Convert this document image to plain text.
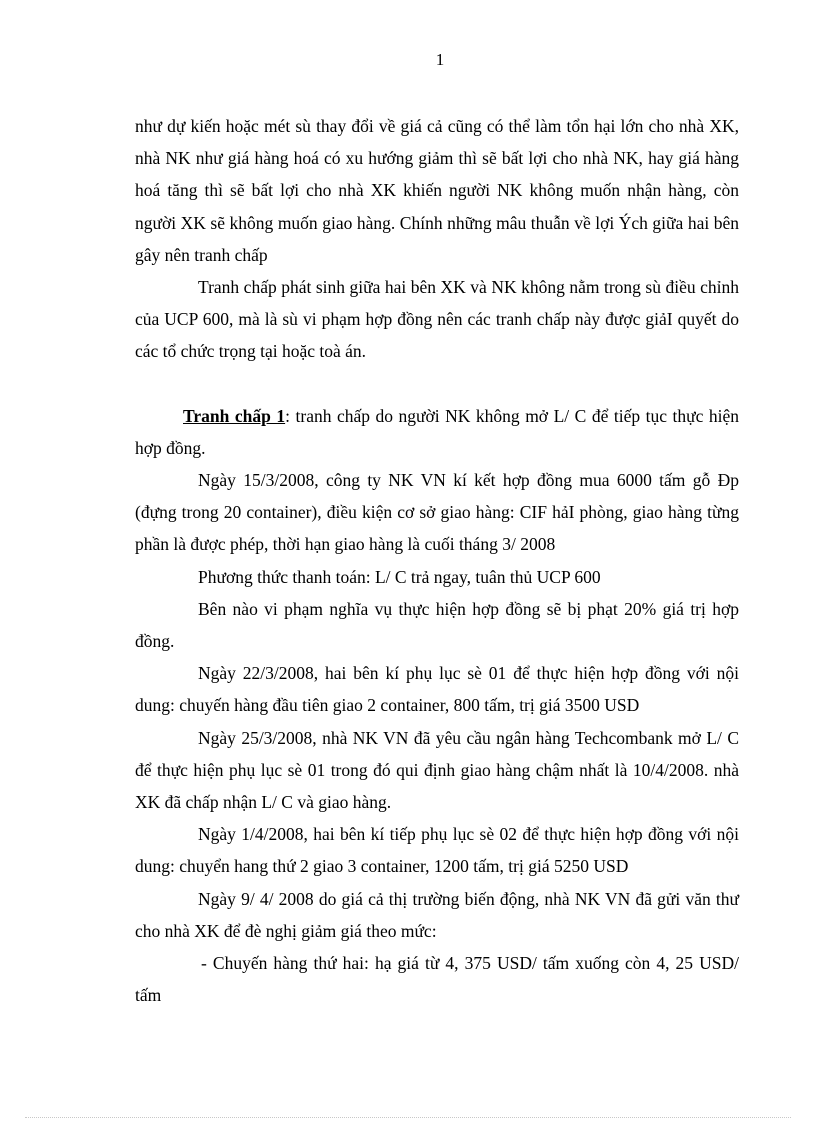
1

như dự kiến hoặc mét sù thay đổi về giá cả cũng có thể làm tổn hại lớn cho nhà XK, nhà NK như giá hàng hoá có xu hướng giảm thì sẽ bất lợi cho nhà NK, hay giá hàng hoá tăng thì sẽ bất lợi cho nhà XK khiến người NK không muốn nhận hàng, còn người XK sẽ không muốn giao hàng. Chính những mâu thuẫn về lợi Ých giữa hai bên gây nên tranh chấp

Tranh chấp phát sinh giữa hai bên XK và NK không nằm trong sù điều chỉnh của UCP 600, mà là sù vi phạm hợp đồng nên các tranh chấp này được giảI quyết do các tổ chức trọng tại hoặc toà án.

Tranh chấp 1: tranh chấp do người NK không mở L/ C để tiếp tục thực hiện hợp đồng.

Ngày 15/3/2008, công ty NK VN kí kết hợp đồng mua 6000 tấm gỗ Đp (đựng trong 20 container), điều kiện cơ sở giao hàng: CIF hảI phòng, giao hàng từng phần là được phép, thời hạn giao hàng là cuối tháng 3/ 2008

Phương thức thanh toán: L/ C trả ngay, tuân thủ UCP 600

Bên nào vi phạm nghĩa vụ thực hiện hợp đồng sẽ bị phạt 20% giá trị hợp đồng.

Ngày 22/3/2008, hai bên kí phụ lục sè 01 để thực hiện hợp đồng với nội dung: chuyến hàng đầu tiên giao 2 container, 800 tấm, trị giá 3500 USD

Ngày 25/3/2008, nhà NK VN đã yêu cầu ngân hàng Techcombank mở L/ C để thực hiện phụ lục sè 01 trong đó qui định giao hàng chậm nhất là 10/4/2008. nhà XK đã chấp nhận L/ C và giao hàng.

Ngày 1/4/2008, hai bên kí tiếp phụ lục sè 02 để thực hiện hợp đồng với nội dung: chuyển hang thứ 2 giao 3 container, 1200 tấm, trị giá 5250 USD

Ngày 9/ 4/ 2008 do giá cả thị trường biến động, nhà NK VN đã gửi văn thư cho nhà XK để đè nghị giảm giá theo mức:

- Chuyến hàng thứ hai: hạ giá từ 4, 375 USD/ tấm xuống còn 4, 25 USD/ tấm
